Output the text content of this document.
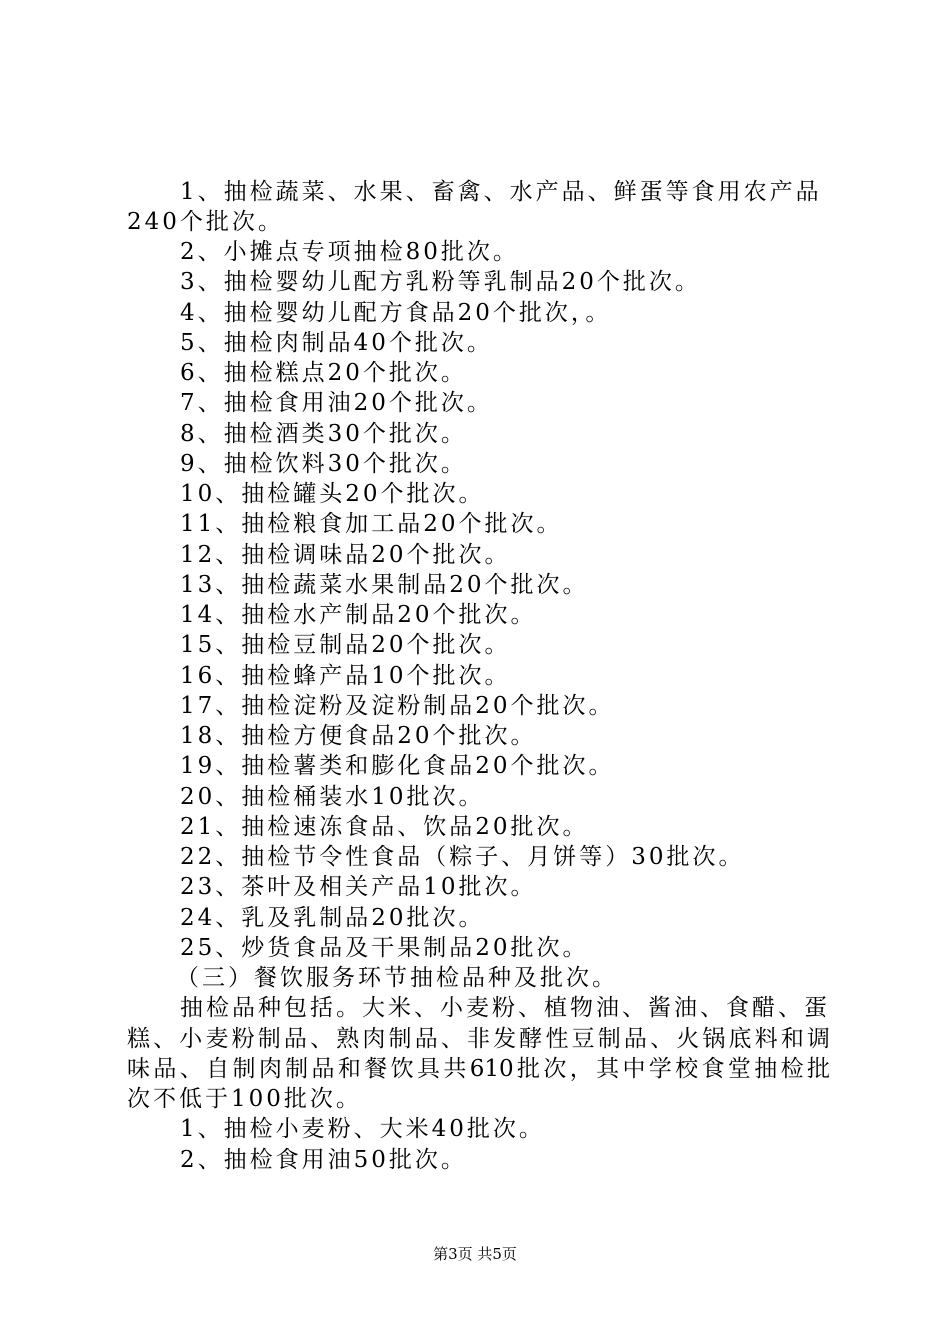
1、抽检蔬菜、水果、畜禽、水产品、鲜蛋等食用农产品
240个批次。
2、小摊点专项抽检80批次。
3、抽检婴幼儿配方乳粉等乳制品20个批次。
4、抽检婴幼儿配方食品20个批次，。
5、抽检肉制品40个批次。
6、抽检糕点20个批次。
7、抽检食用油20个批次。
8、抽检酒类30个批次。
9、抽检饮料30个批次。
10、抽检罐头20个批次。
11、抽检粮食加工品20个批次。
12、抽检调味品20个批次。
13、抽检蔬菜水果制品20个批次。
14、抽检水产制品20个批次。
15、抽检豆制品20个批次。
16、抽检蜂产品10个批次。
17、抽检淀粉及淀粉制品20个批次。
18、抽检方便食品20个批次。
19、抽检薯类和膨化食品20个批次。
20、抽检桶装水10批次。
21、抽检速冻食品、饮品20批次。
22、抽检节令性食品（粽子、月饼等）30批次。
23、茶叶及相关产品10批次。
24、乳及乳制品20批次。
25、炒货食品及干果制品20批次。
（三）餐饮服务环节抽检品种及批次。
抽检品种包括。大米、小麦粉、植物油、酱油、食醋、蛋
糕、小麦粉制品、熟肉制品、非发酵性豆制品、火锅底料和调
味品、自制肉制品和餐饮具共610批次，其中学校食堂抽检批
次不低于100批次。
1、抽检小麦粉、大米40批次。
2、抽检食用油50批次。
第3页 共5页
